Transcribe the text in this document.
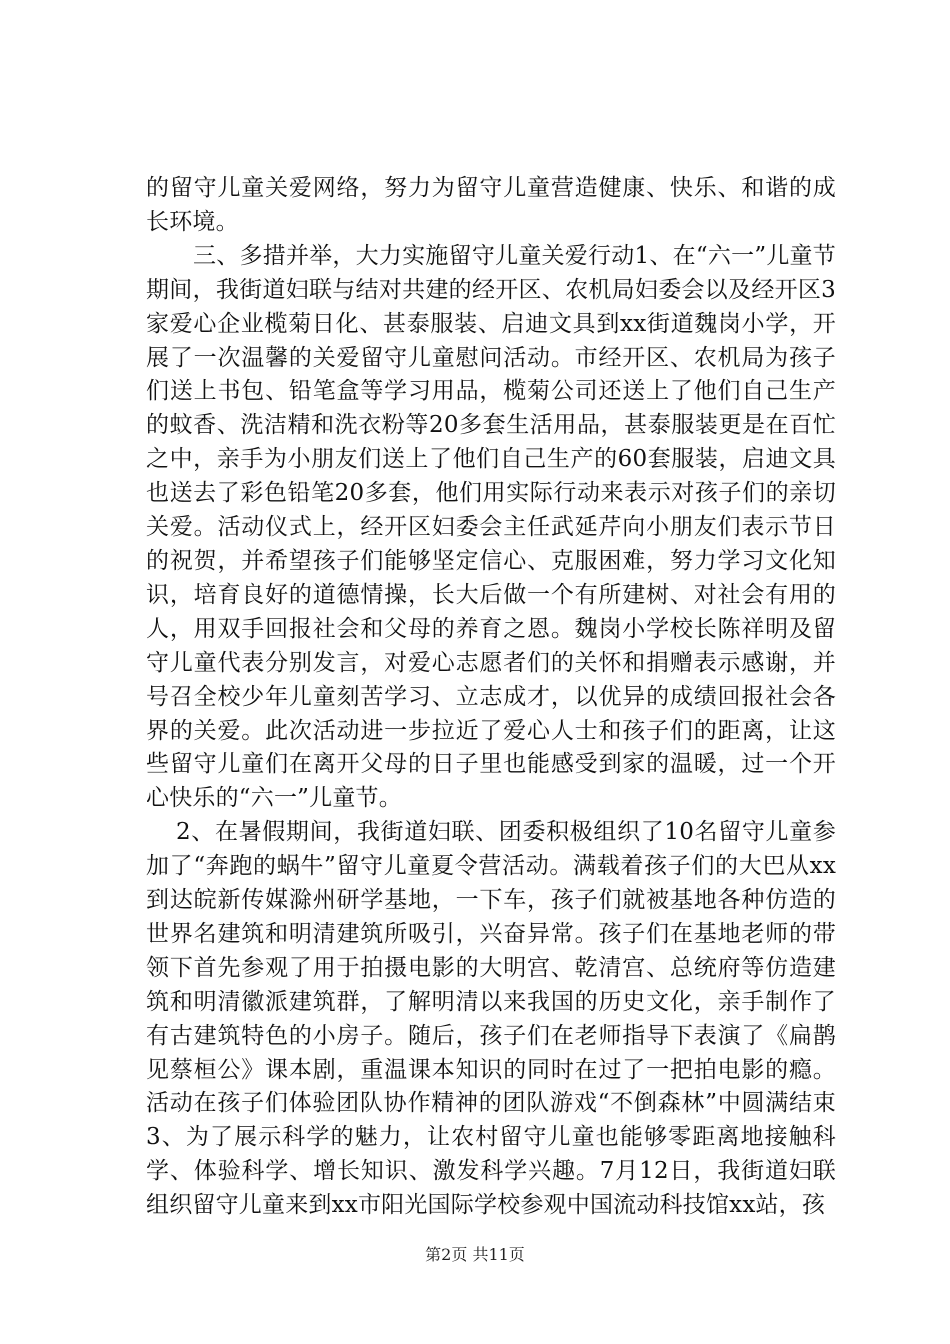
的留守儿童关爱网络，努力为留守儿童营造健康、快乐、和谐的成长环境。

三、多措并举，大力实施留守儿童关爱行动1、在“六一”儿童节期间，我街道妇联与结对共建的经开区、农机局妇委会以及经开区3家爱心企业榄菊日化、甚泰服装、启迪文具到xx街道魏岗小学，开展了一次温馨的关爱留守儿童慰问活动。市经开区、农机局为孩子们送上书包、铅笔盒等学习用品，榄菊公司还送上了他们自己生产的蚊香、洗洁精和洗衣粉等20多套生活用品，甚泰服装更是在百忙之中，亲手为小朋友们送上了他们自己生产的60套服装，启迪文具也送去了彩色铅笔20多套，他们用实际行动来表示对孩子们的亲切关爱。活动仪式上，经开区妇委会主任武延芹向小朋友们表示节日的祝贺，并希望孩子们能够坚定信心、克服困难，努力学习文化知识，培育良好的道德情操，长大后做一个有所建树、对社会有用的人，用双手回报社会和父母的养育之恩。魏岗小学校长陈祥明及留守儿童代表分别发言，对爱心志愿者们的关怀和捐赠表示感谢，并号召全校少年儿童刻苦学习、立志成才，以优异的成绩回报社会各界的关爱。此次活动进一步拉近了爱心人士和孩子们的距离，让这些留守儿童们在离开父母的日子里也能感受到家的温暖，过一个开心快乐的“六一”儿童节。

2、在暑假期间，我街道妇联、团委积极组织了10名留守儿童参加了“奔跑的蜗牛”留守儿童夏令营活动。满载着孩子们的大巴从xx到达皖新传媒滁州研学基地，一下车，孩子们就被基地各种仿造的世界名建筑和明清建筑所吸引，兴奋异常。孩子们在基地老师的带领下首先参观了用于拍摄电影的大明宫、乾清宫、总统府等仿造建筑和明清徽派建筑群，了解明清以来我国的历史文化，亲手制作了有古建筑特色的小房子。随后，孩子们在老师指导下表演了《扁鹊见蔡桓公》课本剧，重温课本知识的同时在过了一把拍电影的瘾。活动在孩子们体验团队协作精神的团队游戏“不倒森林”中圆满结束3、为了展示科学的魅力，让农村留守儿童也能够零距离地接触科学、体验科学、增长知识、激发科学兴趣。7月12日，我街道妇联组织留守儿童来到xx市阳光国际学校参观中国流动科技馆xx站，孩

第2页 共11页
